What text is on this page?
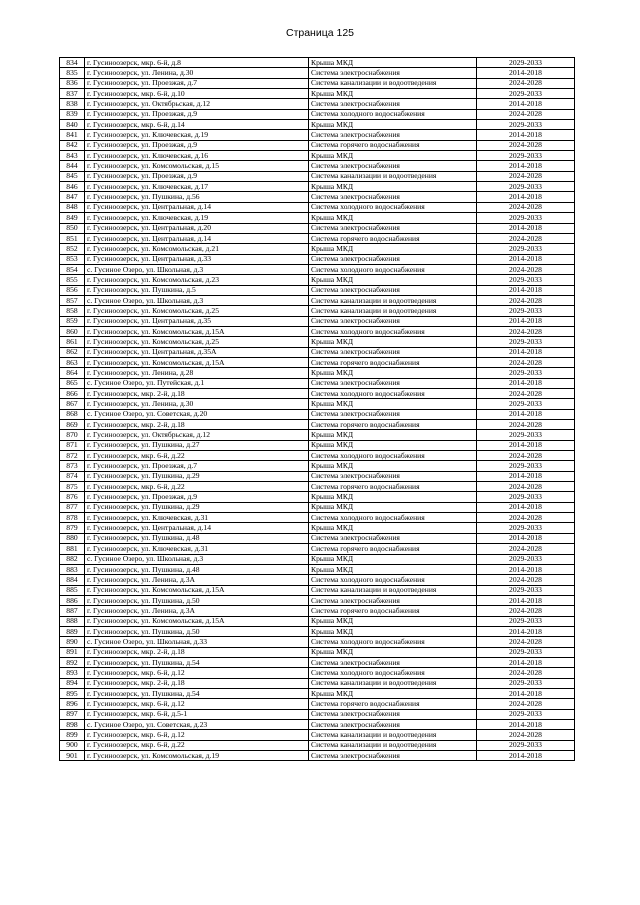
Страница 125
834	г. Гусиноозерск, мкр. 6-й, д.8	Крыша МКД	2029-2033
835	г. Гусиноозерск, ул. Ленина, д.30	Система электроснабжения	2014-2018
836	г. Гусиноозерск, ул. Проезжая, д.7	Система канализации и водоотведения	2024-2028
837	г. Гусиноозерск, мкр. 6-й, д.10	Крыша МКД	2029-2033
838	г. Гусиноозерск, ул. Октябрьская, д.12	Система электроснабжения	2014-2018
839	г. Гусиноозерск, ул. Проезжая, д.9	Система холодного водоснабжения	2024-2028
840	г. Гусиноозерск, мкр. 6-й, д.14	Крыша МКД	2029-2033
841	г. Гусиноозерск, ул. Ключевская, д.19	Система электроснабжения	2014-2018
842	г. Гусиноозерск, ул. Проезжая, д.9	Система горячего водоснабжения	2024-2028
843	г. Гусиноозерск, ул. Ключевская, д.16	Крыша МКД	2029-2033
844	г. Гусиноозерск, ул. Комсомольская, д.15	Система электроснабжения	2014-2018
845	г. Гусиноозерск, ул. Проезжая, д.9	Система канализации и водоотведения	2024-2028
846	г. Гусиноозерск, ул. Ключевская, д.17	Крыша МКД	2029-2033
847	г. Гусиноозерск, ул. Пушкина, д.56	Система электроснабжения	2014-2018
848	г. Гусиноозерск, ул. Центральная, д.14	Система холодного водоснабжения	2024-2028
849	г. Гусиноозерск, ул. Ключевская, д.19	Крыша МКД	2029-2033
850	г. Гусиноозерск, ул. Центральная, д.20	Система электроснабжения	2014-2018
851	г. Гусиноозерск, ул. Центральная, д.14	Система горячего водоснабжения	2024-2028
852	г. Гусиноозерск, ул. Комсомольская, д.21	Крыша МКД	2029-2033
853	г. Гусиноозерск, ул. Центральная, д.33	Система электроснабжения	2014-2018
854	с. Гусиное Озеро, ул. Школьная, д.3	Система холодного водоснабжения	2024-2028
855	г. Гусиноозерск, ул. Комсомольская, д.23	Крыша МКД	2029-2033
856	г. Гусиноозерск, ул. Пушкина, д.5	Система электроснабжения	2014-2018
857	с. Гусиное Озеро, ул. Школьная, д.3	Система канализации и водоотведения	2024-2028
858	г. Гусиноозерск, ул. Комсомольская, д.25	Система канализации и водоотведения	2029-2033
859	г. Гусиноозерск, ул. Центральная, д.35	Система электроснабжения	2014-2018
860	г. Гусиноозерск, ул. Комсомольская, д.15А	Система холодного водоснабжения	2024-2028
861	г. Гусиноозерск, ул. Комсомольская, д.25	Крыша МКД	2029-2033
862	г. Гусиноозерск, ул. Центральная, д.35А	Система электроснабжения	2014-2018
863	г. Гусиноозерск, ул. Комсомольская, д.15А	Система горячего водоснабжения	2024-2028
864	г. Гусиноозерск, ул. Ленина, д.28	Крыша МКД	2029-2033
865	с. Гусиное Озеро, ул. Путейская, д.1	Система электроснабжения	2014-2018
866	г. Гусиноозерск, мкр. 2-й, д.18	Система холодного водоснабжения	2024-2028
867	г. Гусиноозерск, ул. Ленина, д.30	Крыша МКД	2029-2033
868	с. Гусиное Озеро, ул. Советская, д.20	Система электроснабжения	2014-2018
869	г. Гусиноозерск, мкр. 2-й, д.18	Система горячего водоснабжения	2024-2028
870	г. Гусиноозерск, ул. Октябрьская, д.12	Крыша МКД	2029-2033
871	г. Гусиноозерск, ул. Пушкина, д.27	Крыша МКД	2014-2018
872	г. Гусиноозерск, мкр. 6-й, д.22	Система холодного водоснабжения	2024-2028
873	г. Гусиноозерск, ул. Проезжая, д.7	Крыша МКД	2029-2033
874	г. Гусиноозерск, ул. Пушкина, д.29	Система электроснабжения	2014-2018
875	г. Гусиноозерск, мкр. 6-й, д.22	Система горячего водоснабжения	2024-2028
876	г. Гусиноозерск, ул. Проезжая, д.9	Крыша МКД	2029-2033
877	г. Гусиноозерск, ул. Пушкина, д.29	Крыша МКД	2014-2018
878	г. Гусиноозерск, ул. Ключевская, д.31	Система холодного водоснабжения	2024-2028
879	г. Гусиноозерск, ул. Центральная, д.14	Крыша МКД	2029-2033
880	г. Гусиноозерск, ул. Пушкина, д.48	Система электроснабжения	2014-2018
881	г. Гусиноозерск, ул. Ключевская, д.31	Система горячего водоснабжения	2024-2028
882	с. Гусиное Озеро, ул. Школьная, д.3	Крыша МКД	2029-2033
883	г. Гусиноозерск, ул. Пушкина, д.48	Крыша МКД	2014-2018
884	г. Гусиноозерск, ул. Ленина, д.3А	Система холодного водоснабжения	2024-2028
885	г. Гусиноозерск, ул. Комсомольская, д.15А	Система канализации и водоотведения	2029-2033
886	г. Гусиноозерск, ул. Пушкина, д.50	Система электроснабжения	2014-2018
887	г. Гусиноозерск, ул. Ленина, д.3А	Система горячего водоснабжения	2024-2028
888	г. Гусиноозерск, ул. Комсомольская, д.15А	Крыша МКД	2029-2033
889	г. Гусиноозерск, ул. Пушкина, д.50	Крыша МКД	2014-2018
890	с. Гусиное Озеро, ул. Школьная, д.33	Система холодного водоснабжения	2024-2028
891	г. Гусиноозерск, мкр. 2-й, д.18	Крыша МКД	2029-2033
892	г. Гусиноозерск, ул. Пушкина, д.54	Система электроснабжения	2014-2018
893	г. Гусиноозерск, мкр. 6-й, д.12	Система холодного водоснабжения	2024-2028
894	г. Гусиноозерск, мкр. 2-й, д.18	Система канализации и водоотведения	2029-2033
895	г. Гусиноозерск, ул. Пушкина, д.54	Крыша МКД	2014-2018
896	г. Гусиноозерск, мкр. 6-й, д.12	Система горячего водоснабжения	2024-2028
897	г. Гусиноозерск, мкр. 6-й, д.5-1	Система электроснабжения	2029-2033
898	с. Гусиное Озеро, ул. Советская, д.23	Система электроснабжения	2014-2018
899	г. Гусиноозерск, мкр. 6-й, д.12	Система канализации и водоотведения	2024-2028
900	г. Гусиноозерск, мкр. 6-й, д.22	Система канализации и водоотведения	2029-2033
901	г. Гусиноозерск, ул. Комсомольская, д.19	Система электроснабжения	2014-2018
